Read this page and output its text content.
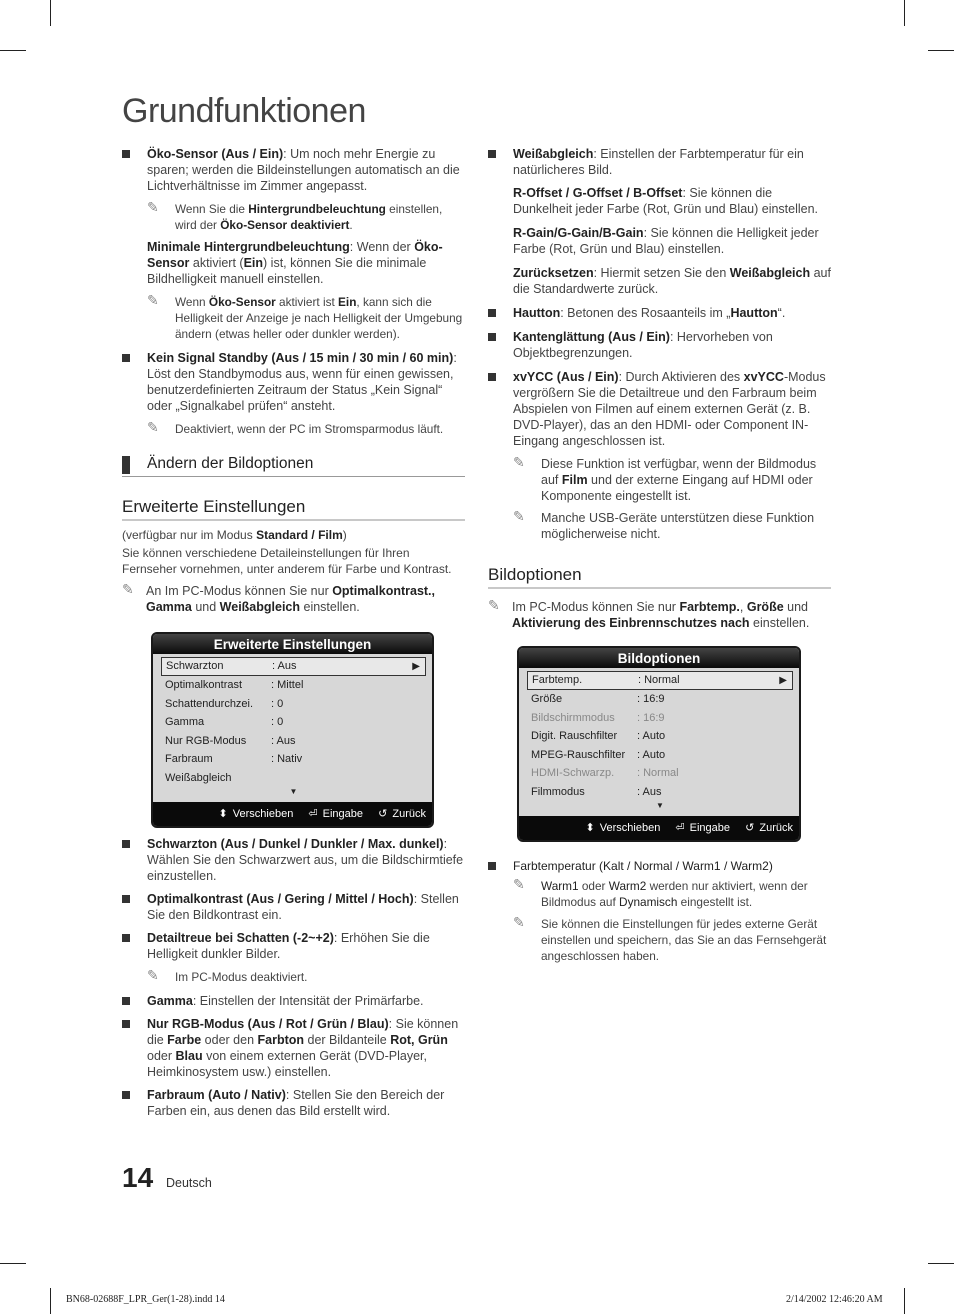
Grundfunktionen
Öko-Sensor (Aus / Ein): Um noch mehr Energie zu sparen; werden die Bildeinstellungen automatisch an die Lichtverhältnisse im Zimmer angepasst.
✎ Wenn Sie die Hintergrundbeleuchtung einstellen, wird der Öko-Sensor deaktiviert.
Minimale Hintergrundbeleuchtung: Wenn der Öko-Sensor aktiviert (Ein) ist, können Sie die minimale Bildhelligkeit manuell einstellen.
✎ Wenn Öko-Sensor aktiviert ist Ein, kann sich die Helligkeit der Anzeige je nach Helligkeit der Umgebung ändern (etwas heller oder dunkler werden).
Kein Signal Standby (Aus / 15 min / 30 min / 60 min): Löst den Standbymodus aus, wenn für einen gewissen, benutzerdefinierten Zeitraum der Status „Kein Signal“ oder „Signalkabel prüfen“ ansteht.
✎ Deaktiviert, wenn der PC im Stromsparmodus läuft.
Ändern der Bildoptionen
Erweiterte Einstellungen
(verfügbar nur im Modus Standard / Film)
Sie können verschiedene Detaileinstellungen für Ihren Fernseher vornehmen, unter anderem für Farbe und Kontrast.
✎ An Im PC-Modus können Sie nur Optimalkontrast., Gamma und Weißabgleich einstellen.
Erweiterte Einstellungen
Schwarzton	: Aus	▶
Optimalkontrast	: Mittel
Schattendurchzei. : 0
Gamma	: 0
Nur RGB-Modus : Aus
Farbraum	: Nativ
Weißabgleich
▼
⬍ Verschieben ⏎ Eingabe ↺ Zurück
Schwarzton (Aus / Dunkel / Dunkler / Max. dunkel): Wählen Sie den Schwarzwert aus, um die Bildschirmtiefe einzustellen.
Optimalkontrast (Aus / Gering / Mittel / Hoch): Stellen Sie den Bildkontrast ein.
Detailtreue bei Schatten (-2~+2): Erhöhen Sie die Helligkeit dunkler Bilder.
✎ Im PC-Modus deaktiviert.
Gamma: Einstellen der Intensität der Primärfarbe.
Nur RGB-Modus (Aus / Rot / Grün / Blau): Sie können die Farbe oder den Farbton der Bildanteile Rot, Grün oder Blau von einem externen Gerät (DVD-Player, Heimkinosystem usw.) einstellen.
Farbraum (Auto / Nativ): Stellen Sie den Bereich der Farben ein, aus denen das Bild erstellt wird.
Weißabgleich: Einstellen der Farbtemperatur für ein natürlicheres Bild.
R-Offset / G-Offset / B-Offset: Sie können die Dunkelheit jeder Farbe (Rot, Grün und Blau) einstellen.
R-Gain/G-Gain/B-Gain: Sie können die Helligkeit jeder Farbe (Rot, Grün und Blau) einstellen.
Zurücksetzen: Hiermit setzen Sie den Weißabgleich auf die Standardwerte zurück.
Hautton: Betonen des Rosaanteils im „Hautton“.
Kantenglättung (Aus / Ein): Hervorheben von Objektbegrenzungen.
xvYCC (Aus / Ein): Durch Aktivieren des xvYCC-Modus vergrößern Sie die Detailtreue und den Farbraum beim Abspielen von Filmen auf einem externen Gerät (z. B. DVD-Player), das an den HDMI- oder Component IN-Eingang angeschlossen ist.
✎ Diese Funktion ist verfügbar, wenn der Bildmodus auf Film und der externe Eingang auf HDMI oder Komponente eingestellt ist.
✎ Manche USB-Geräte unterstützen diese Funktion möglicherweise nicht.
Bildoptionen
✎ Im PC-Modus können Sie nur Farbtemp., Größe und Aktivierung des Einbrennschutzes nach einstellen.
Bildoptionen
Farbtemp.	: Normal	▶
Größe	: 16:9
Bildschirmmodus : 16:9
Digit. Rauschfilter : Auto
MPEG-Rauschfilter : Auto
HDMI-Schwarzp. : Normal
Filmmodus	: Aus
▼
⬍ Verschieben ⏎ Eingabe ↺ Zurück
Farbtemperatur (Kalt / Normal / Warm1 / Warm2)
✎ Warm1 oder Warm2 werden nur aktiviert, wenn der Bildmodus auf Dynamisch eingestellt ist.
✎ Sie können die Einstellungen für jedes externe Gerät einstellen und speichern, das Sie an das Fernsehgerät angeschlossen haben.
14 Deutsch
BN68-02688F_LPR_Ger(1-28).indd 14	2/14/2002 12:46:20 AM
